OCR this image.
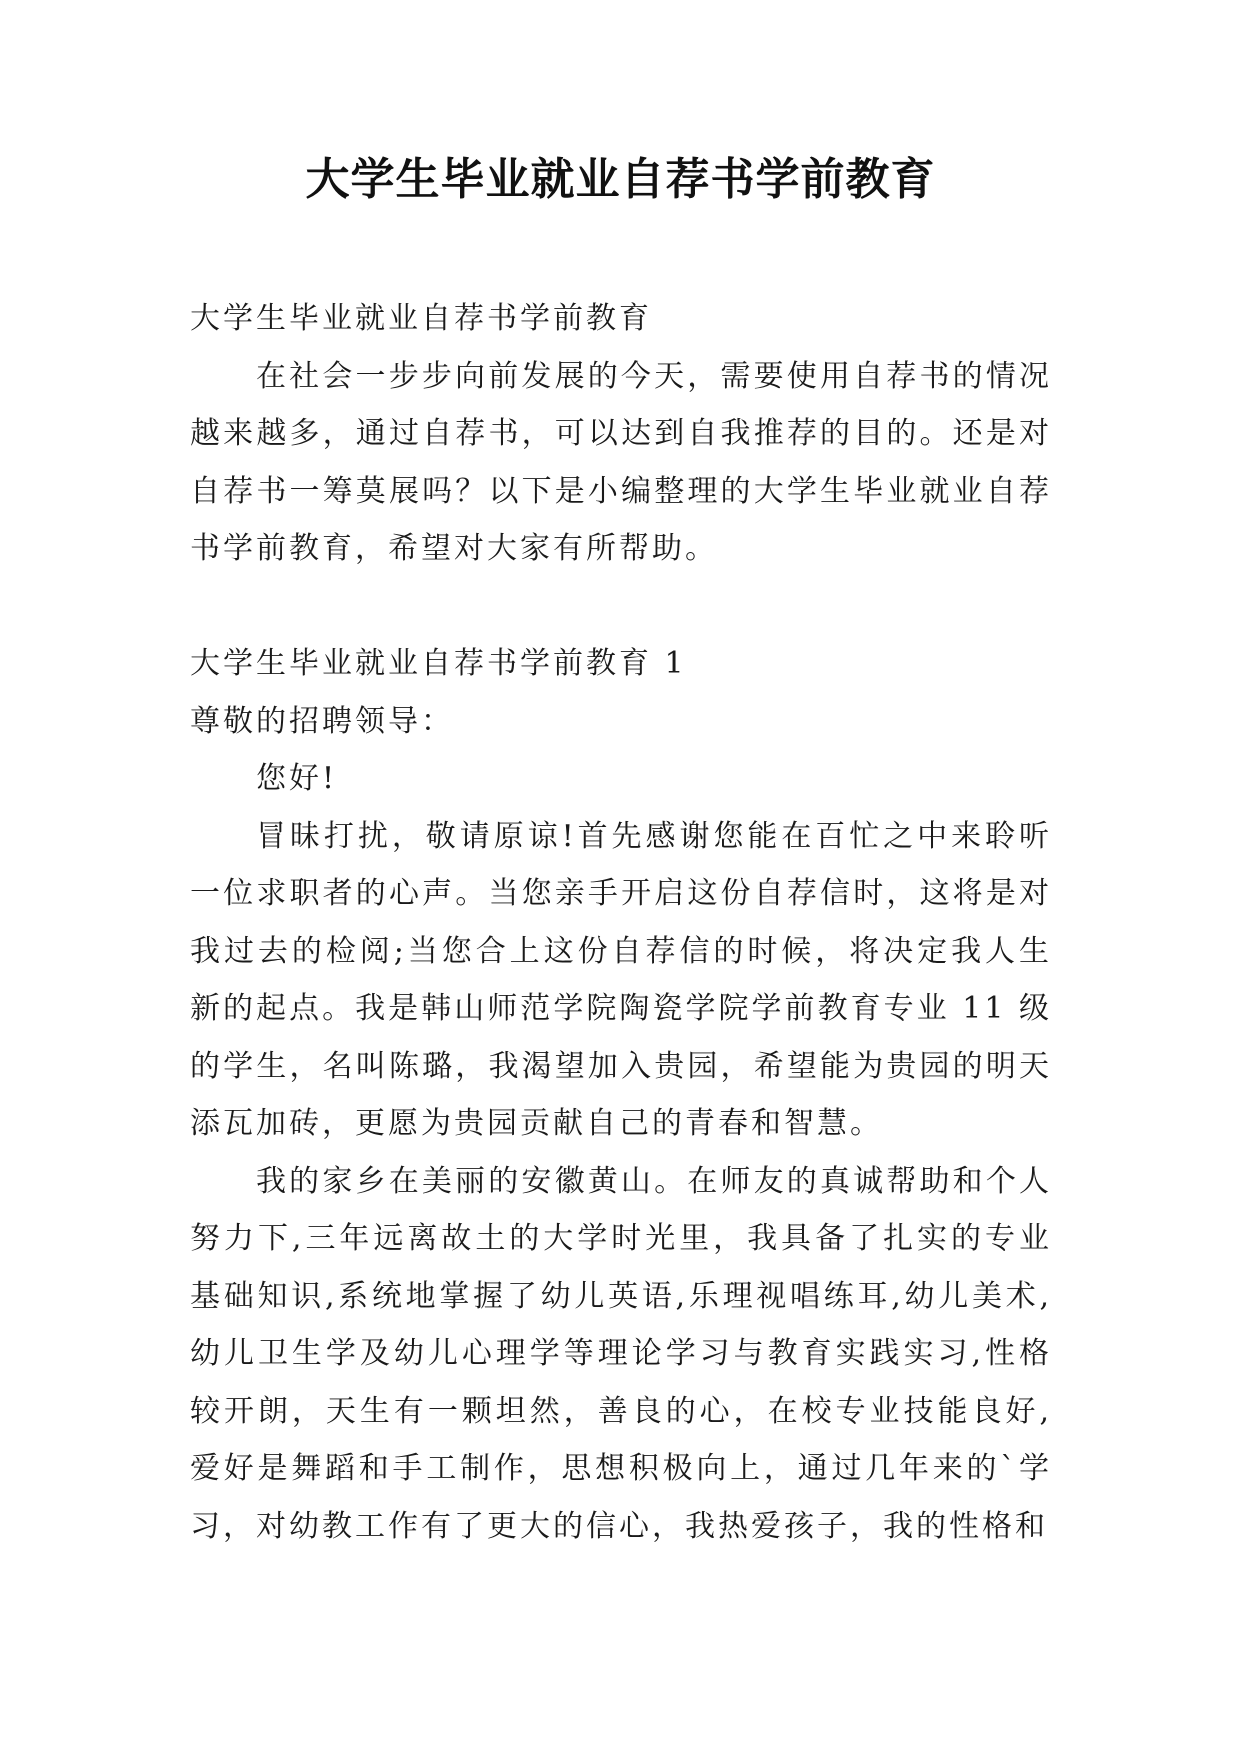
大学生毕业就业自荐书学前教育

大学生毕业就业自荐书学前教育

在社会一步步向前发展的今天，需要使用自荐书的情况越来越多，通过自荐书，可以达到自我推荐的目的。还是对自荐书一筹莫展吗？以下是小编整理的大学生毕业就业自荐书学前教育，希望对大家有所帮助。

大学生毕业就业自荐书学前教育 1

尊敬的招聘领导：

您好!

冒昧打扰，敬请原谅!首先感谢您能在百忙之中来聆听一位求职者的心声。当您亲手开启这份自荐信时，这将是对我过去的检阅;当您合上这份自荐信的时候，将决定我人生新的起点。我是韩山师范学院陶瓷学院学前教育专业 11 级的学生，名叫陈璐，我渴望加入贵园，希望能为贵园的明天添瓦加砖，更愿为贵园贡献自己的青春和智慧。

我的家乡在美丽的安徽黄山。在师友的真诚帮助和个人努力下,三年远离故土的大学时光里，我具备了扎实的专业基础知识,系统地掌握了幼儿英语,乐理视唱练耳,幼儿美术,幼儿卫生学及幼儿心理学等理论学习与教育实践实习,性格较开朗，天生有一颗坦然，善良的心，在校专业技能良好,爱好是舞蹈和手工制作，思想积极向上，通过几年来的`学习，对幼教工作有了更大的信心，我热爱孩子，我的性格和
